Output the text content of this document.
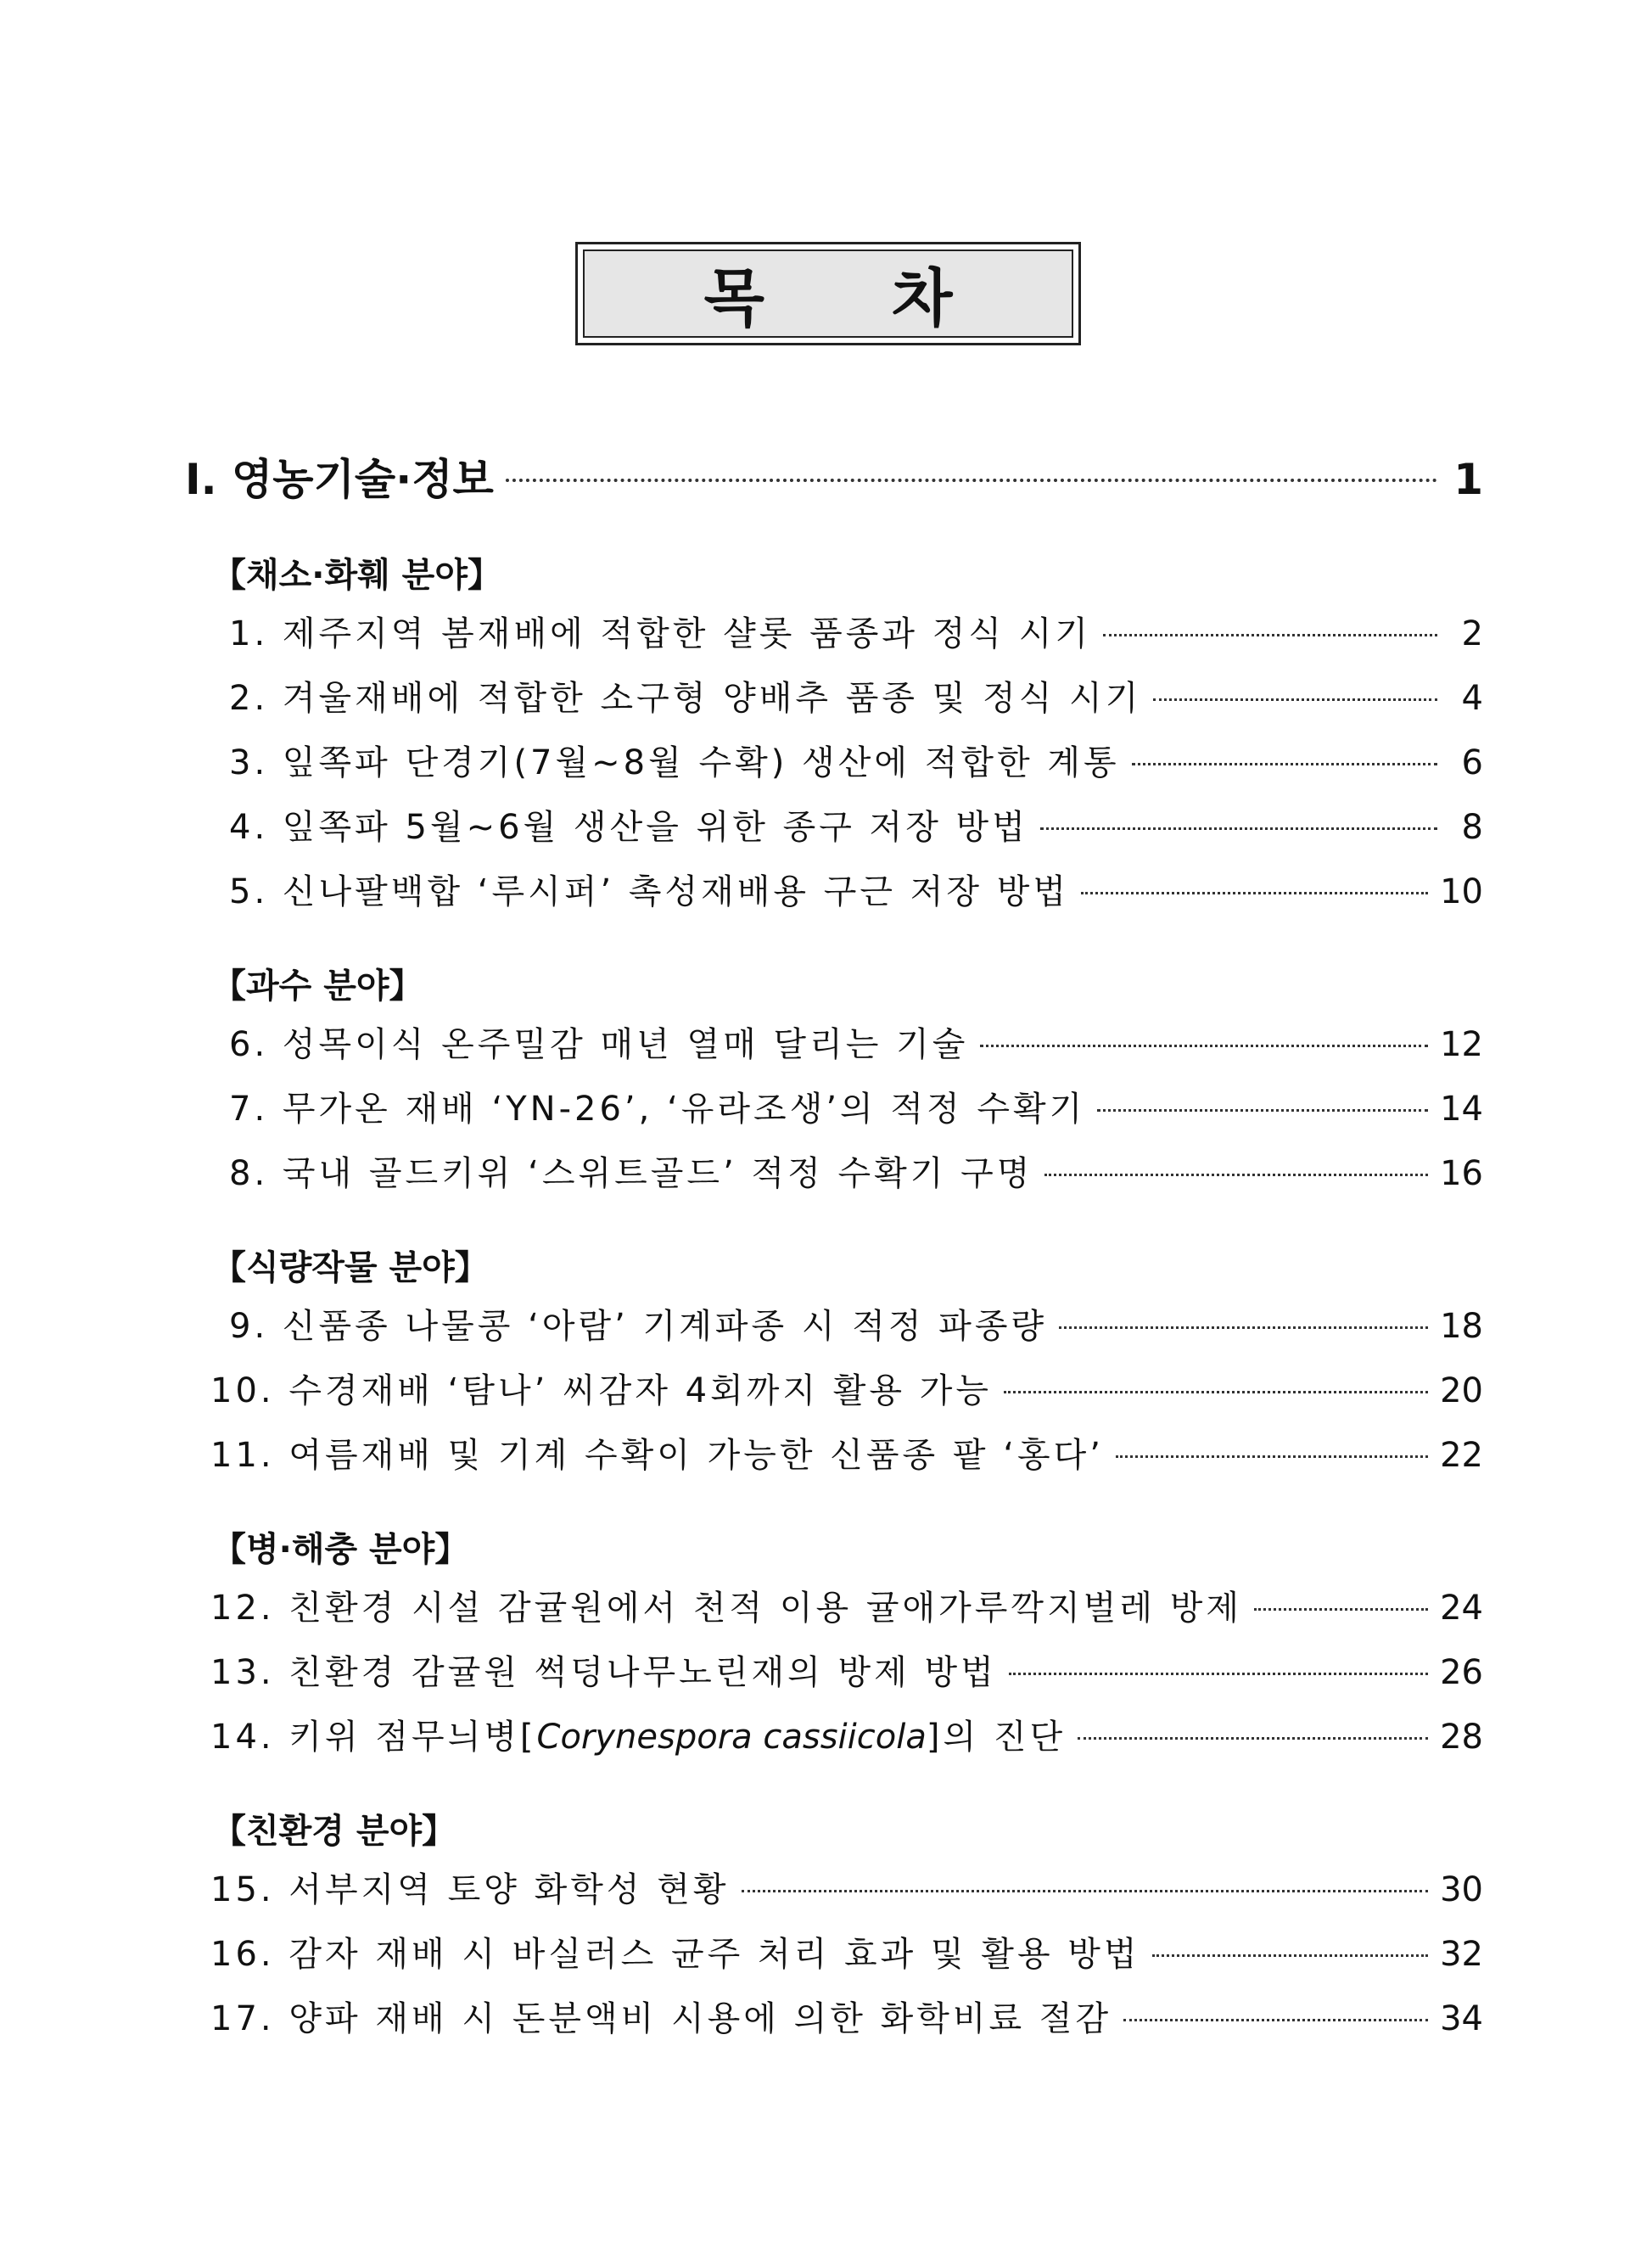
목차
Ⅰ. 영농기술·정보	1
【채소·화훼 분야】
1. 제주지역 봄재배에 적합한 샬롯 품종과 정식 시기	2
2. 겨울재배에 적합한 소구형 양배추 품종 및 정식 시기	4
3. 잎쪽파 단경기(7월~8월 수확) 생산에 적합한 계통	6
4. 잎쪽파 5월~6월 생산을 위한 종구 저장 방법	8
5. 신나팔백합 ‘루시퍼’ 촉성재배용 구근 저장 방법	10
【과수 분야】
6. 성목이식 온주밀감 매년 열매 달리는 기술	12
7. 무가온 재배 ‘YN-26’, ‘유라조생’의 적정 수확기	14
8. 국내 골드키위 ‘스위트골드’ 적정 수확기 구명	16
【식량작물 분야】
9. 신품종 나물콩 ‘아람’ 기계파종 시 적정 파종량	18
10. 수경재배 ‘탐나’ 씨감자 4회까지 활용 가능	20
11. 여름재배 및 기계 수확이 가능한 신품종 팥 ‘홍다’	22
【병·해충 분야】
12. 친환경 시설 감귤원에서 천적 이용 귤애가루깍지벌레 방제	24
13. 친환경 감귤원 썩덩나무노린재의 방제 방법	26
14. 키위 점무늬병[Corynespora cassiicola]의 진단	28
【친환경 분야】
15. 서부지역 토양 화학성 현황	30
16. 감자 재배 시 바실러스 균주 처리 효과 및 활용 방법	32
17. 양파 재배 시 돈분액비 시용에 의한 화학비료 절감	34
